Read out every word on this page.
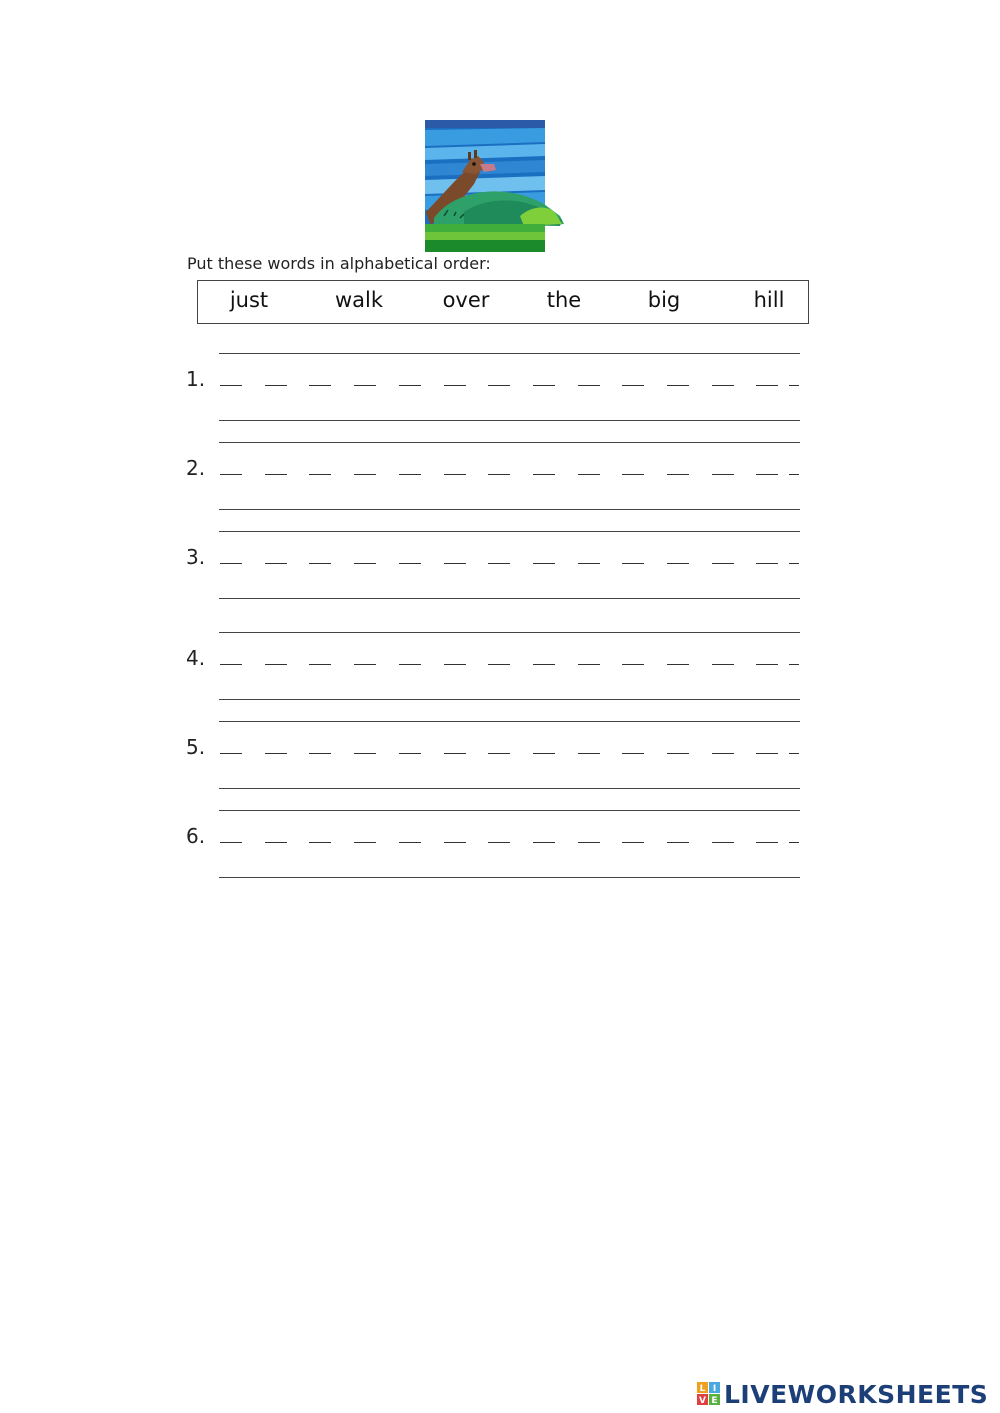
Put these words in alphabetical order:
just	walk	over	the	big	hill
1.
2.
3.
4.
5.
6.
L I
V E LIVEWORKSHEETS
